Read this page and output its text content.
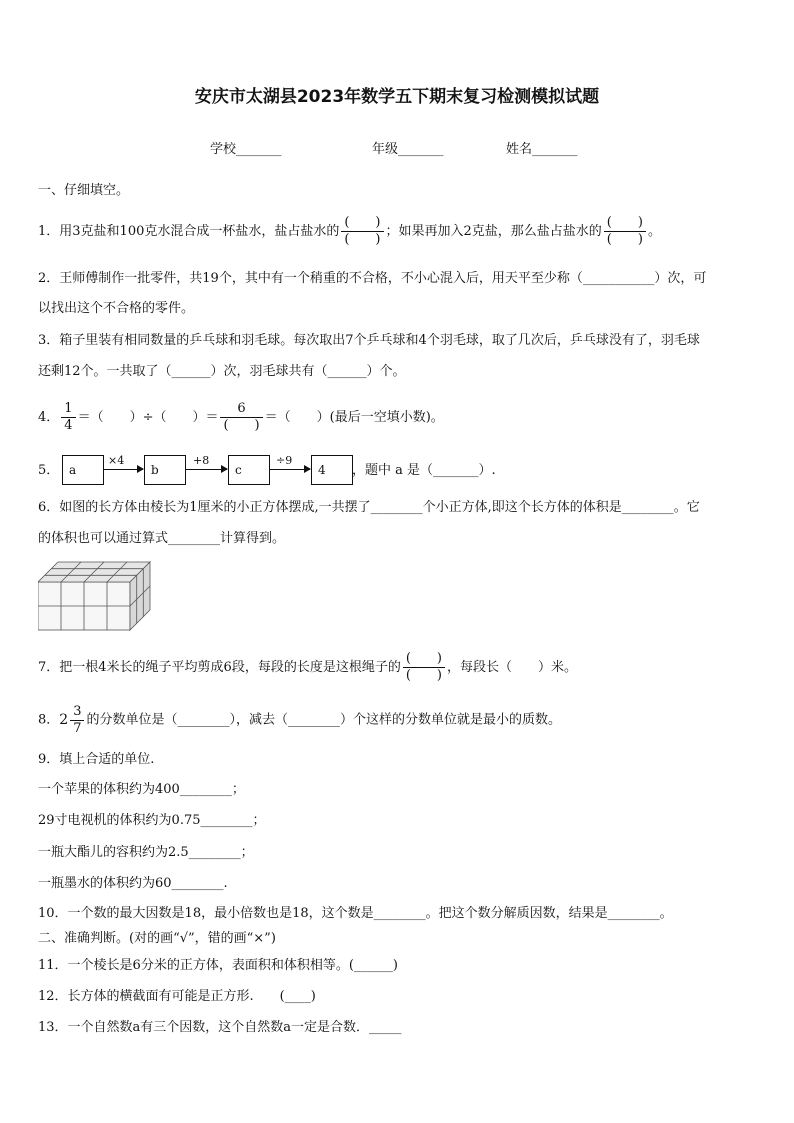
安庆市太湖县2023年数学五下期末复习检测模拟试题
学校_______	年级_______	姓名_______
一、仔细填空。
1．用3克盐和100克水混合成一杯盐水，盐占盐水的 $\frac{( )}{( )}$ ；如果再加入2克盐，那么盐占盐水的 $\frac{( )}{( )}$ 。
2．王师傅制作一批零件，共19个，其中有一个稍重的不合格，不小心混入后，用天平至少称（___________）次，可
以找出这个不合格的零件。
3．箱子里装有相同数量的乒乓球和羽毛球。每次取出7个乒乓球和4个羽毛球，取了几次后，乒乓球没有了，羽毛球
还剩12个。一共取了（______）次，羽毛球共有（______）个。
4． $\frac{1}{4}$ ＝（　　）÷（　　）＝ $\frac{6}{( )}$ ＝（　　）(最后一空填小数)。
5． a
×4
b
+8
c
÷9
4	，题中 a 是（_______）.
6．如图的长方体由棱长为1厘米的小正方体摆成,一共摆了________个小正方体,即这个长方体的体积是________。它
的体积也可以通过算式________计算得到。
7．把一根4米长的绳子平均剪成6段，每段的长度是这根绳子的 $\frac{( )}{( )}$ ，每段长（　　）米。
8．$2 \frac{3}{7}$ 的分数单位是（________），减去（________）个这样的分数单位就是最小的质数。
9．填上合适的单位.
一个苹果的体积约为400________；
29寸电视机的体积约为0.75________；
一瓶大酯儿的容积约为2.5________；
一瓶墨水的体积约为60________.
10．一个数的最大因数是18，最小倍数也是18，这个数是________。把这个数分解质因数，结果是________。
二、准确判断。(对的画“√”，错的画“×”)
11．一个棱长是6分米的正方体，表面积和体积相等。(______)
12．长方体的横截面有可能是正方形.　　(____)
13．一个自然数a有三个因数，这个自然数a一定是合数．_____
